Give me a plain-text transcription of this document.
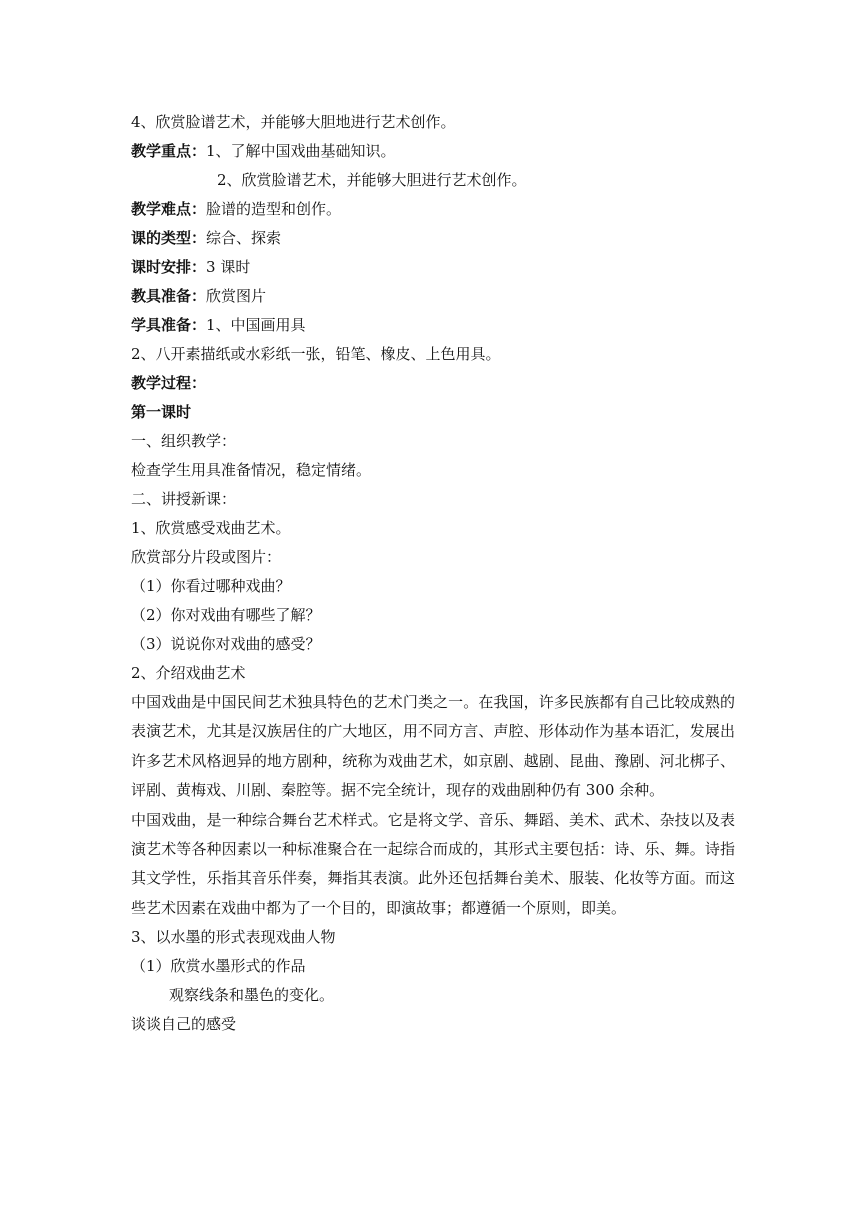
4、欣赏脸谱艺术，并能够大胆地进行艺术创作。
教学重点：1、了解中国戏曲基础知识。
2、欣赏脸谱艺术，并能够大胆进行艺术创作。
教学难点：脸谱的造型和创作。
课的类型：综合、探索
课时安排：3 课时
教具准备：欣赏图片
学具准备：1、中国画用具
2、八开素描纸或水彩纸一张，铅笔、橡皮、上色用具。
教学过程：
第一课时
一、组织教学：
检查学生用具准备情况，稳定情绪。
二、讲授新课：
1、欣赏感受戏曲艺术。
欣赏部分片段或图片：
（1）你看过哪种戏曲？
（2）你对戏曲有哪些了解？
（3）说说你对戏曲的感受？
2、介绍戏曲艺术
中国戏曲是中国民间艺术独具特色的艺术门类之一。在我国，许多民族都有自己比较成熟的表演艺术，尤其是汉族居住的广大地区，用不同方言、声腔、形体动作为基本语汇，发展出许多艺术风格迥异的地方剧种，统称为戏曲艺术，如京剧、越剧、昆曲、豫剧、河北梆子、评剧、黄梅戏、川剧、秦腔等。据不完全统计，现存的戏曲剧种仍有 300 余种。
中国戏曲，是一种综合舞台艺术样式。它是将文学、音乐、舞蹈、美术、武术、杂技以及表演艺术等各种因素以一种标准聚合在一起综合而成的，其形式主要包括：诗、乐、舞。诗指其文学性，乐指其音乐伴奏，舞指其表演。此外还包括舞台美术、服装、化妆等方面。而这些艺术因素在戏曲中都为了一个目的，即演故事；都遵循一个原则，即美。
3、以水墨的形式表现戏曲人物
（1）欣赏水墨形式的作品
观察线条和墨色的变化。
谈谈自己的感受
